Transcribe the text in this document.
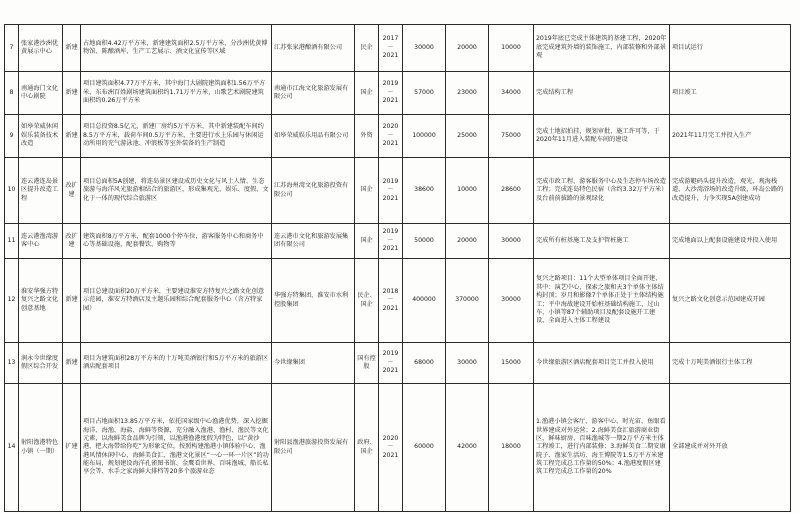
7	张家港沙洲优黄展示中心	新建	占地面积4.42万平方米，新建建筑面积2.5万平方米，分沙洲优黄博物馆、陈酿酒库、生产工艺展示、酒文化宣传等区域	江苏张家港酿酒有限公司	民企	2017－2021	30000	20000	10000	2019年底已完成主体建筑的基建工程，2020年底完成建筑外墙的装饰施工，内部装修和外部景观	项目试运行
8	南通海门文化中心剧院	新建	项目建筑面积4.77万平方米，其中海门大剧院建筑面积1.56万平方米，东布洲百姓剧场建筑面积约1.71万平方米，山歌艺术剧院建筑面积约0.26万平方米	南通市江海文化旅游发展有限公司	国企	2019－2021	57000	23000	34000	完成结构工程	项目竣工
9	如皋荣威休闲娱乐装备技术改造	新建	项目总投资8.5亿元，新建厂房约5万平方米，其中新建装配车间约8.5万平方米，载荷车间0.5万平方米，主要进行水上乐园与休闲运动所用的充气游泳池、冲浪板等室外装备的生产制造	如皋荣威娱乐用品有限公司	外资	2020－2021	100000	25000	75000	完成土地招拍挂，规划审批，施工许可等，于2020年11月进入装配车间的建设	2021年11月完工并投入生产
10	连云港连岛景区提升改造工程	改扩建	项目总面积5A创建，将连岛景区建设成历史文化与风土人情、生态旅游与海洋风光旅游相结合的旅游区，形成集观光、娱乐、度假、文化于一体的现代综合旅游区	江苏海州湾文化旅游投资有限公司	国企	2019－2021	38600	10000	28600	完成市政工程，游客服务中心及生态停车场改造工程；完成连岛特色民宿（含约3.32万平方米）及台前前拔路的景观绿化	完成游艇码头提升改造，观光、观海栈道、大沙湾浴场的改造升级，环岛公路的改造提升，力争实现5A创建成功
11	连云港渔湾游客中心	改扩建	建筑面积8万平方米，配套1000个停车位，游客服务中心和商务中心等基础设施，配套餐饮、购物等	连云港市文化和旅游发展集团有限公司	国企	2019－2021	50000	20000	30000	完成所有桩基施工及支护管桩施工	完成地面以上配套设施建设并投入使用
12	淮安华强方特复兴之路文化创意基地	新建	项目总建设面积20万平方米，主要建设淮安方特复兴之路文化创意示范园，淮安方特酒店及主题乐园和综合配套服务中心（含方特家园）	华强方特集团、淮安市水利控股集团	民企、国企	2018－2021	400000	370000	30000	复兴之路项目：11个大型单体项目全面开建，其中：演艺中心、探索之旅和天3个单体主体结构封顶；岁月和影像7个单体正处于主体结构施工；平中海战建设开始桩基础结构施工，过山车、小镇等87个辅助项目及配套设施开工建设，全面进入主体工程建设	复兴之路文化创意示范园建成开园
13	润永今世缘度假区综合开发	新建	项目为建筑面积28万平方米的十万吨美酒银行和5万平方米的旅游区酒店配套项目	今世缘集团	国有控股	2019－2021	68000	30000	15000	今世缘旅游区酒店配套项目完工并投入使用	完成十万吨美酒银行主体工程
14	射阳渔港特色小镇（一期）	扩建	项目占地面积13.85万平方米，依托国家级中心渔港优势，深入挖掘海洋、海渔、海盐、海鲜等资源，充分融入渔港、渔村、渔民等文化元素，以海鲜美食品牌为引领，以渔港渔港度假为特色，以“黄沙港，把大海带给你吃”为形象定位，按照构建渔港小镇体验中心、渔港风情休闲中心、海鲜美食汇、渔港文化景区“一心一环一片区”的功能布局，规划建设海洋孔雀图书馆、金鹰看世界、百味渔城、船长私享会等、水手之家海鲜大排档等20多个旅游业态	射阳县渔港旅游投资发展有限公司	政府、国企	2020－2021	60000	42000	18000	1.渔港小镇会客厅、游客中心、时光宙、鱼眼看世界建成对外运营；2.海鲜美食汇旅游商业街区，鲜味厨房、百味渔城等一期2万平方米主体工程竣工，进行内部装修；3.海鲜美食二期安康院子、渔家生活坊、海王博院等1.5万平方米建筑工程完成总工作量的50%；4.渔港度假区建筑工程完成总工作量的20%	全部建成并对外开放
